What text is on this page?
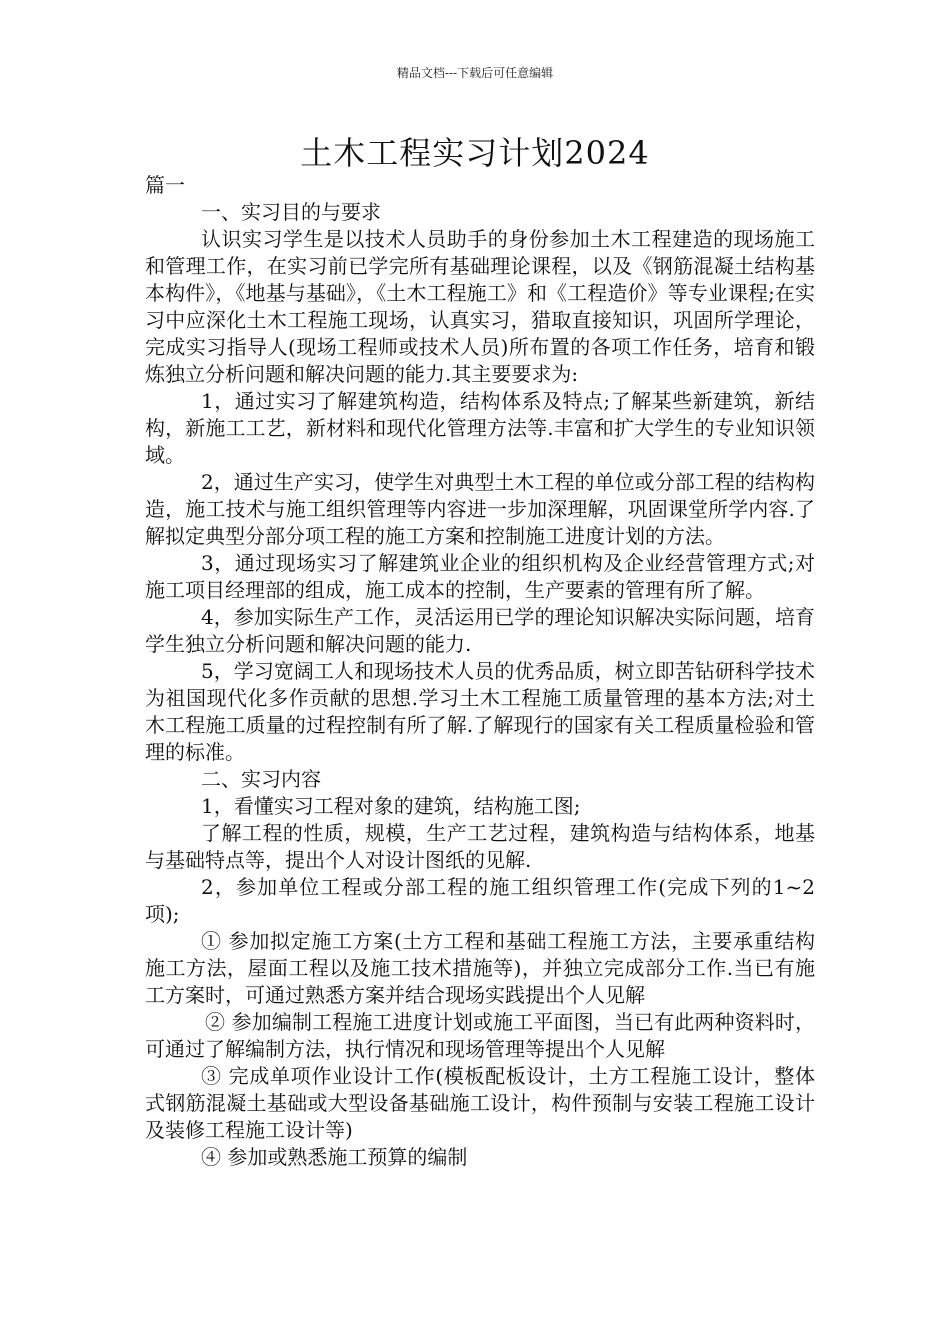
精品文档---下载后可任意编辑
土木工程实习计划2024

篇一

一、实习目的与要求

认识实习学生是以技术人员助手的身份参加土木工程建造的现场施工和管理工作，在实习前已学完所有基础理论课程，以及《钢筋混凝土结构基本构件》，《地基与基础》，《土木工程施工》和《工程造价》等专业课程;在实习中应深化土木工程施工现场，认真实习，猎取直接知识，巩固所学理论，完成实习指导人(现场工程师或技术人员)所布置的各项工作任务，培育和锻炼独立分析问题和解决问题的能力.其主要要求为:

1，通过实习了解建筑构造，结构体系及特点;了解某些新建筑，新结构，新施工工艺，新材料和现代化管理方法等.丰富和扩大学生的专业知识领域。

2，通过生产实习，使学生对典型土木工程的单位或分部工程的结构构造，施工技术与施工组织管理等内容进一步加深理解，巩固课堂所学内容.了解拟定典型分部分项工程的施工方案和控制施工进度计划的方法。

3，通过现场实习了解建筑业企业的组织机构及企业经营管理方式;对施工项目经理部的组成，施工成本的控制，生产要素的管理有所了解。

4，参加实际生产工作，灵活运用已学的理论知识解决实际问题，培育学生独立分析问题和解决问题的能力.

5，学习宽阔工人和现场技术人员的优秀品质，树立即苦钻研科学技术为祖国现代化多作贡献的思想.学习土木工程施工质量管理的基本方法;对土木工程施工质量的过程控制有所了解.了解现行的国家有关工程质量检验和管理的标准。

二、实习内容

1，看懂实习工程对象的建筑，结构施工图;

了解工程的性质，规模，生产工艺过程，建筑构造与结构体系，地基与基础特点等，提出个人对设计图纸的见解.

2，参加单位工程或分部工程的施工组织管理工作(完成下列的1~2项);

① 参加拟定施工方案(土方工程和基础工程施工方法，主要承重结构施工方法，屋面工程以及施工技术措施等)，并独立完成部分工作.当已有施工方案时，可通过熟悉方案并结合现场实践提出个人见解

② 参加编制工程施工进度计划或施工平面图，当已有此两种资料时，可通过了解编制方法，执行情况和现场管理等提出个人见解

③ 完成单项作业设计工作(模板配板设计，土方工程施工设计，整体式钢筋混凝土基础或大型设备基础施工设计，构件预制与安装工程施工设计及装修工程施工设计等)

④ 参加或熟悉施工预算的编制
